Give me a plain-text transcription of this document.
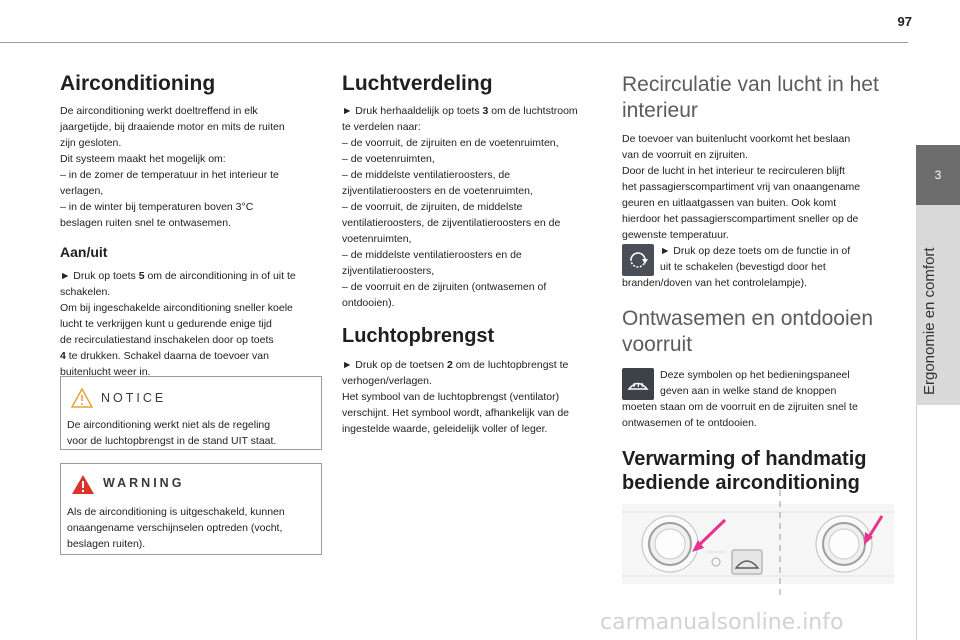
97
3
Ergonomie en comfort
Airconditioning

De airconditioning werkt doeltreffend in elk

jaargetijde, bij draaiende motor en mits de ruiten

zijn gesloten.

Dit systeem maakt het mogelijk om:

– in de zomer de temperatuur in het interieur te

verlagen,

– in de winter bij temperaturen boven 3°C

beslagen ruiten snel te ontwasemen.

Aan/uit

► Druk op toets 5 om de airconditioning in of uit te

schakelen.

Om bij ingeschakelde airconditioning sneller koele

lucht te verkrijgen kunt u gedurende enige tijd

de recirculatiestand inschakelen door op toets

4 te drukken. Schakel daarna de toevoer van

buitenlucht weer in.

NOTICE

De airconditioning werkt niet als de regeling

voor de luchtopbrengst in de stand UIT staat.

WARNING

Als de airconditioning is uitgeschakeld, kunnen

onaangename verschijnselen optreden (vocht,

beslagen ruiten).

Luchtverdeling

► Druk herhaaldelijk op toets 3 om de luchtstroom

te verdelen naar:

– de voorruit, de zijruiten en de voetenruimten,

– de voetenruimten,

– de middelste ventilatieroosters, de

zijventilatieroosters en de voetenruimten,

– de voorruit, de zijruiten, de middelste

ventilatieroosters, de zijventilatieroosters en de

voetenruimten,

– de middelste ventilatieroosters en de

zijventilatieroosters,

– de voorruit en de zijruiten (ontwasemen of

ontdooien).

Luchtopbrengst

► Druk op de toetsen 2 om de luchtopbrengst te

verhogen/verlagen.

Het symbool van de luchtopbrengst (ventilator)

verschijnt. Het symbool wordt, afhankelijk van de

ingestelde waarde, geleidelijk voller of leger.

Recirculatie van lucht in het
interieur

De toevoer van buitenlucht voorkomt het beslaan

van de voorruit en zijruiten.

Door de lucht in het interieur te recirculeren blijft

het passagierscompartiment vrij van onaangename

geuren en uitlaatgassen van buiten. Ook komt

hierdoor het passagierscompartiment sneller op de

gewenste temperatuur.

► Druk op deze toets om de functie in of

uit te schakelen (bevestigd door het

branden/doven van het controlelampje).

Ontwasemen en ontdooien
voorruit

Deze symbolen op het bedieningspaneel

geven aan in welke stand de knoppen

moeten staan om de voorruit en de zijruiten snel te

ontwasemen of te ontdooien.

Verwarming of handmatig
bediende airconditioning
carmanualsonline.info
